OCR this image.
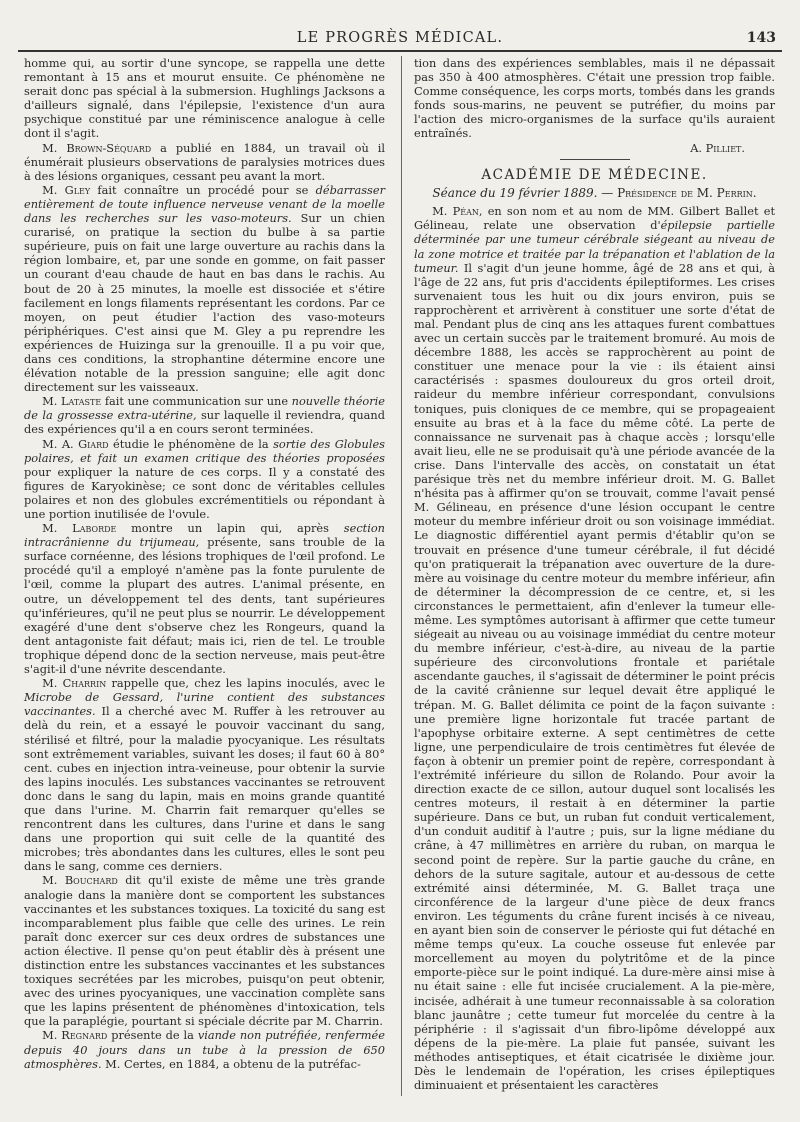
LE PROGRÈS MÉDICAL.	143

homme qui, au sortir d'une syncope, se rappella une dette remontant à 15 ans et mourut ensuite. Ce phénomène ne serait donc pas spécial à la submersion. Hughlings Jacksons a d'ailleurs signalé, dans l'épilepsie, l'existence d'un aura psychique constitué par une réminiscence analogue à celle dont il s'agit.

M. Brown-Séquard a publié en 1884, un travail où il énumérait plusieurs observations de paralysies motrices dues à des lésions organiques, cessant peu avant la mort.

M. Gley fait connaître un procédé pour se débarrasser entièrement de toute influence nerveuse venant de la moelle dans les recherches sur les vaso-moteurs. Sur un chien curarisé, on pratique la section du bulbe à sa partie supérieure, puis on fait une large ouverture au rachis dans la région lombaire, et, par une sonde en gomme, on fait passer un courant d'eau chaude de haut en bas dans le rachis. Au bout de 20 à 25 minutes, la moelle est dissociée et s'étire facilement en longs filaments représentant les cordons. Par ce moyen, on peut étudier l'action des vaso-moteurs périphériques. C'est ainsi que M. Gley a pu reprendre les expériences de Huizinga sur la grenouille. Il a pu voir que, dans ces conditions, la strophantine détermine encore une élévation notable de la pression sanguine; elle agit donc directement sur les vaisseaux.

M. Lataste fait une communication sur une nouvelle théorie de la grossesse extra-utérine, sur laquelle il reviendra, quand des expériences qu'il a en cours seront terminées.

M. A. Giard étudie le phénomène de la sortie des Globules polaires, et fait un examen critique des théories proposées pour expliquer la nature de ces corps. Il y a constaté des figures de Karyokinèse; ce sont donc de véritables cellules polaires et non des globules excrémentitiels ou répondant à une portion inutilisée de l'ovule.

M. Laborde montre un lapin qui, après section intracrânienne du trijumeau, présente, sans trouble de la surface cornéenne, des lésions trophiques de l'œil profond. Le procédé qu'il a employé n'amène pas la fonte purulente de l'œil, comme la plupart des autres. L'animal présente, en outre, un développement tel des dents, tant supérieures qu'inférieures, qu'il ne peut plus se nourrir. Le développement exagéré d'une dent s'observe chez les Rongeurs, quand la dent antagoniste fait défaut; mais ici, rien de tel. Le trouble trophique dépend donc de la section nerveuse, mais peut-être s'agit-il d'une névrite descendante.

M. Charrin rappelle que, chez les lapins inoculés, avec le Microbe de Gessard, l'urine contient des substances vaccinantes. Il a cherché avec M. Ruffer à les retrouver au delà du rein, et a essayé le pouvoir vaccinant du sang, stérilisé et filtré, pour la maladie pyocyanique. Les résultats sont extrêmement variables, suivant les doses; il faut 60 à 80° cent. cubes en injection intra-veineuse, pour obtenir la survie des lapins inoculés. Les substances vaccinantes se retrouvent donc dans le sang du lapin, mais en moins grande quantité que dans l'urine. M. Charrin fait remarquer qu'elles se rencontrent dans les cultures, dans l'urine et dans le sang dans une proportion qui suit celle de la quantité des microbes; très abondantes dans les cultures, elles le sont peu dans le sang, comme ces derniers.

M. Bouchard dit qu'il existe de même une très grande analogie dans la manière dont se comportent les substances vaccinantes et les substances toxiques. La toxicité du sang est incomparablement plus faible que celle des urines. Le rein paraît donc exercer sur ces deux ordres de substances une action élective. Il pense qu'on peut établir dès à présent une distinction entre les substances vaccinantes et les substances toxiques secrétées par les microbes, puisqu'on peut obtenir, avec des urines pyocyaniques, une vaccination complète sans que les lapins présentent de phénomènes d'intoxication, tels que la paraplégie, pourtant si spéciale décrite par M. Charrin.

M. Regnard présente de la viande non putréfiée, renfermée depuis 40 jours dans un tube à la pression de 650 atmosphères. M. Certes, en 1884, a obtenu de la putréfac-

tion dans des expériences semblables, mais il ne dépassait pas 350 à 400 atmosphères. C'était une pression trop faible. Comme conséquence, les corps morts, tombés dans les grands fonds sous-marins, ne peuvent se putréfier, du moins par l'action des micro-organismes de la surface qu'ils auraient entraînés.

A. Pilliet.
ACADÉMIE DE MÉDECINE.
Séance du 19 février 1889. — Présidence de M. Perrin.

M. Péan, en son nom et au nom de MM. Gilbert Ballet et Gélineau, relate une observation d'épilepsie partielle déterminée par une tumeur cérébrale siégeant au niveau de la zone motrice et traitée par la trépanation et l'ablation de la tumeur. Il s'agit d'un jeune homme, âgé de 28 ans et qui, à l'âge de 22 ans, fut pris d'accidents épileptiformes. Les crises survenaient tous les huit ou dix jours environ, puis se rapprochèrent et arrivèrent à constituer une sorte d'état de mal. Pendant plus de cinq ans les attaques furent combattues avec un certain succès par le traitement bromuré. Au mois de décembre 1888, les accès se rapprochèrent au point de constituer une menace pour la vie : ils étaient ainsi caractérisés : spasmes douloureux du gros orteil droit, raideur du membre inférieur correspondant, convulsions toniques, puis cloniques de ce membre, qui se propageaient ensuite au bras et à la face du même côté. La perte de connaissance ne survenait pas à chaque accès ; lorsqu'elle avait lieu, elle ne se produisait qu'à une période avancée de la crise. Dans l'intervalle des accès, on constatait un état parésique très net du membre inférieur droit. M. G. Ballet n'hésita pas à affirmer qu'on se trouvait, comme l'avait pensé M. Gélineau, en présence d'une lésion occupant le centre moteur du membre inférieur droit ou son voisinage immédiat. Le diagnostic différentiel ayant permis d'établir qu'on se trouvait en présence d'une tumeur cérébrale, il fut décidé qu'on pratiquerait la trépanation avec ouverture de la dure-mère au voisinage du centre moteur du membre inférieur, afin de déterminer la décompression de ce centre, et, si les circonstances le permettaient, afin d'enlever la tumeur elle-même. Les symptômes autorisant à affirmer que cette tumeur siégeait au niveau ou au voisinage immédiat du centre moteur du membre inférieur, c'est-à-dire, au niveau de la partie supérieure des circonvolutions frontale et pariétale ascendante gauches, il s'agissait de déterminer le point précis de la cavité crânienne sur lequel devait être appliqué le trépan. M. G. Ballet délimita ce point de la façon suivante : une première ligne horizontale fut tracée partant de l'apophyse orbitaire externe. A sept centimètres de cette ligne, une perpendiculaire de trois centimètres fut élevée de façon à obtenir un premier point de repère, correspondant à l'extrémité inférieure du sillon de Rolando. Pour avoir la direction exacte de ce sillon, autour duquel sont localisés les centres moteurs, il restait à en déterminer la partie supérieure. Dans ce but, un ruban fut conduit verticalement, d'un conduit auditif à l'autre ; puis, sur la ligne médiane du crâne, à 47 millimètres en arrière du ruban, on marqua le second point de repère. Sur la partie gauche du crâne, en dehors de la suture sagitale, autour et au-dessous de cette extrémité ainsi déterminée, M. G. Ballet traça une circonférence de la largeur d'une pièce de deux francs environ. Les téguments du crâne furent incisés à ce niveau, en ayant bien soin de conserver le périoste qui fut détaché en même temps qu'eux. La couche osseuse fut enlevée par morcellement au moyen du polytritôme et de la pince emporte-pièce sur le point indiqué. La dure-mère ainsi mise à nu était saine : elle fut incisée crucialement. A la pie-mère, incisée, adhérait à une tumeur reconnaissable à sa coloration blanc jaunâtre ; cette tumeur fut morcelée du centre à la périphérie : il s'agissait d'un fibro-lipôme développé aux dépens de la pie-mère. La plaie fut pansée, suivant les méthodes antiseptiques, et était cicatrisée le dixième jour. Dès le lendemain de l'opération, les crises épileptiques diminuaient et présentaient les caractères
